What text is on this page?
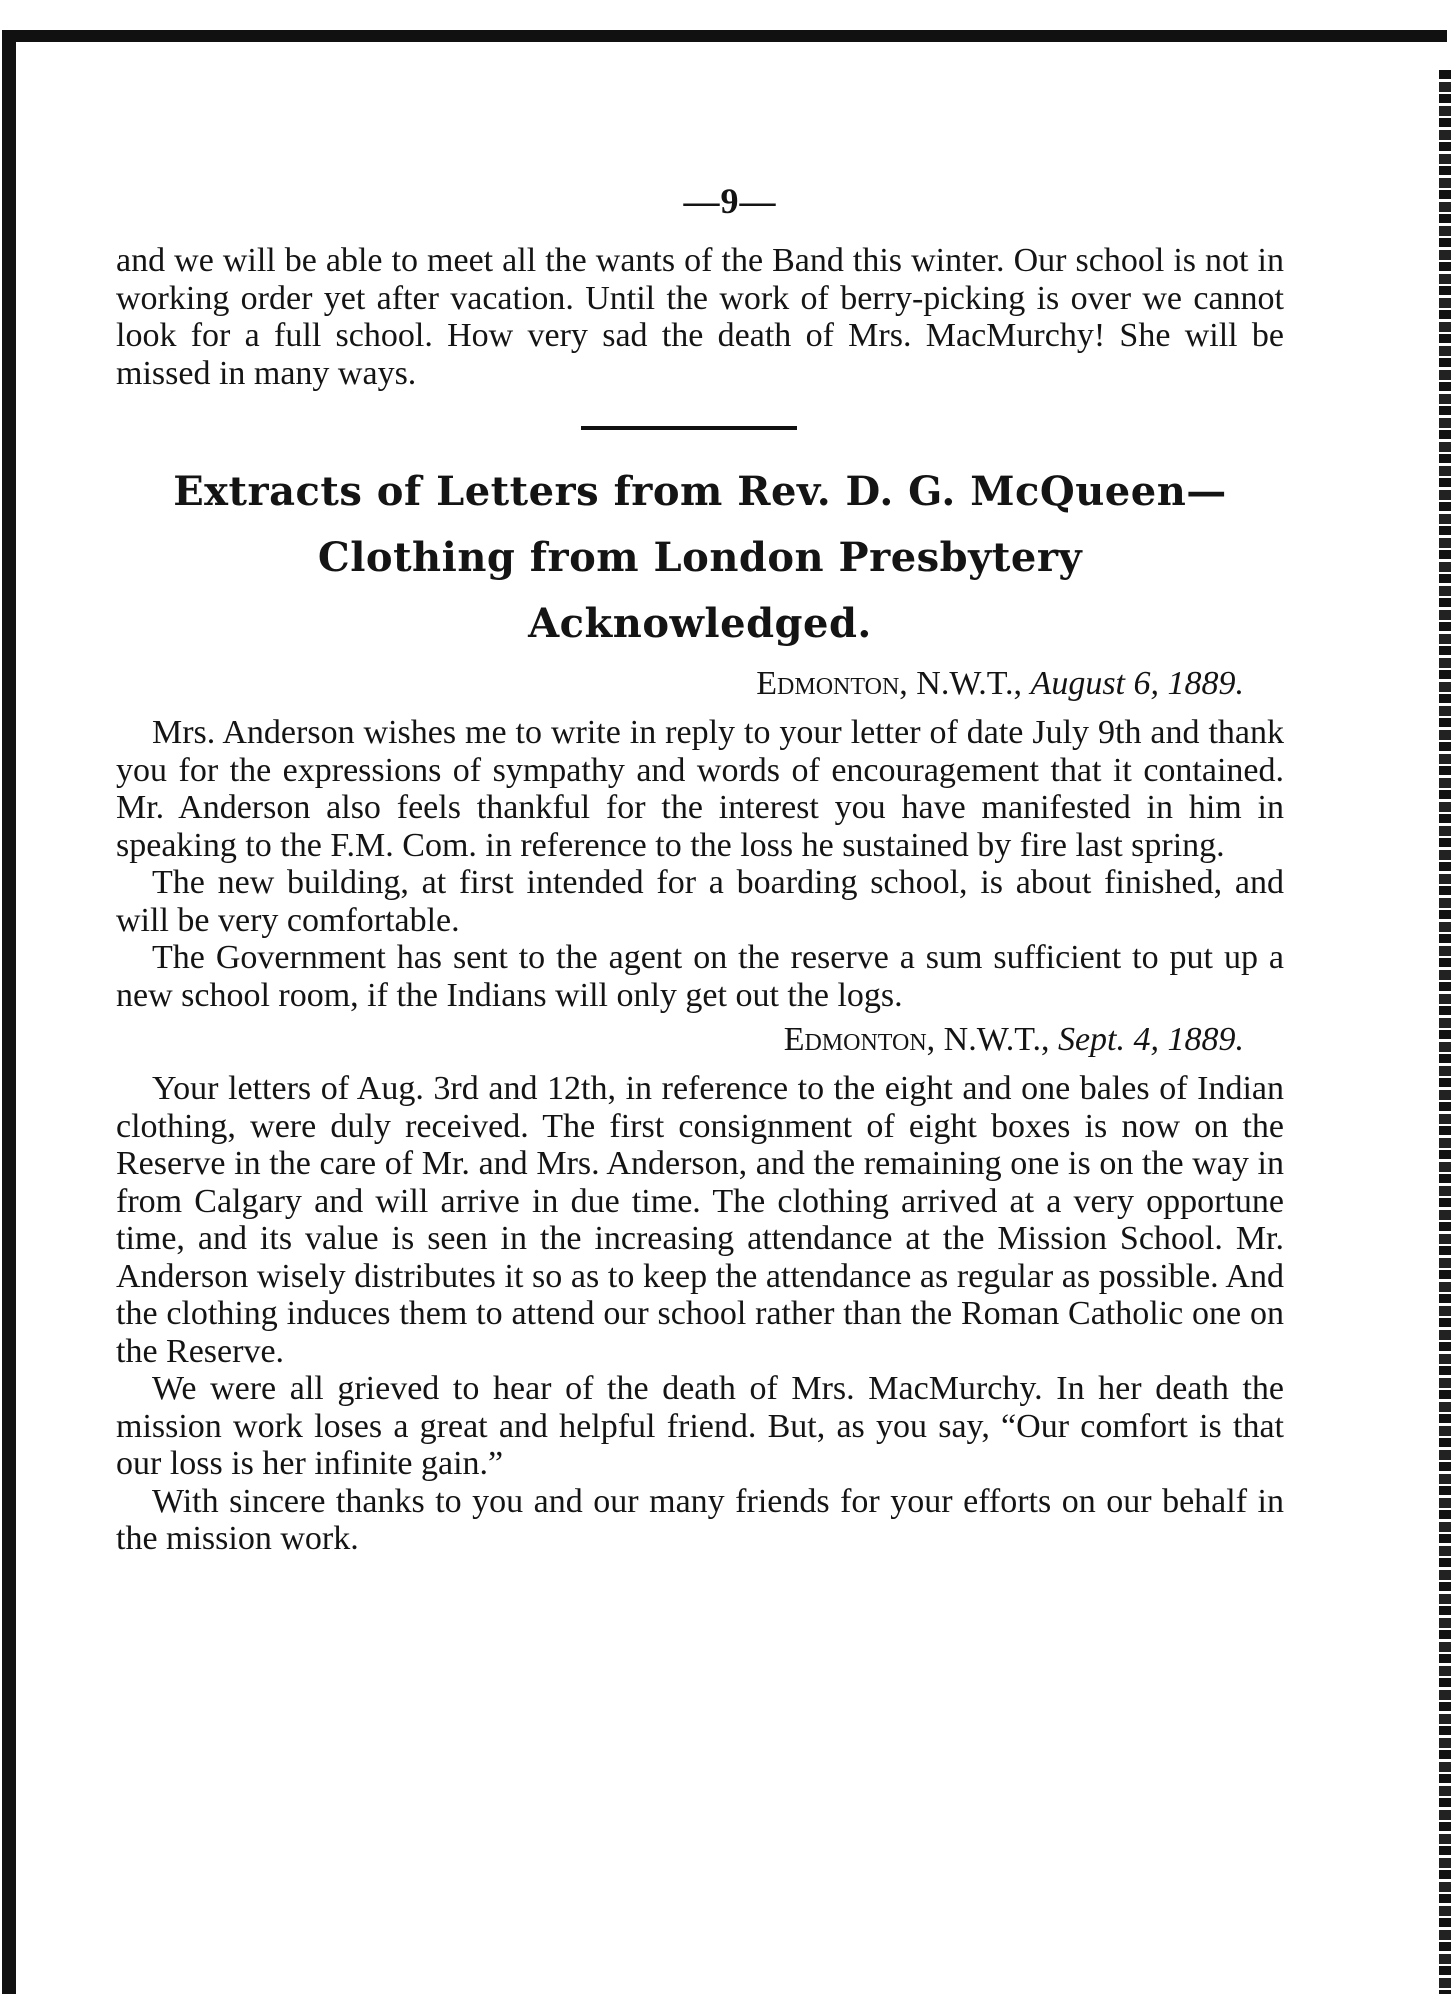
—9—

and we will be able to meet all the wants of the Band this winter. Our school is not in working order yet after vacation. Until the work of berry-picking is over we cannot look for a full school. How very sad the death of Mrs. MacMurchy! She will be missed in many ways.

Extracts of Letters from Rev. D. G. McQueen—
Clothing from London Presbytery
Acknowledged.
Edmonton, N.W.T., August 6, 1889.

Mrs. Anderson wishes me to write in reply to your letter of date July 9th and thank you for the expressions of sympathy and words of encouragement that it contained. Mr. Anderson also feels thankful for the interest you have manifested in him in speaking to the F.M. Com. in reference to the loss he sustained by fire last spring.

The new building, at first intended for a boarding school, is about finished, and will be very comfortable.

The Government has sent to the agent on the reserve a sum sufficient to put up a new school room, if the Indians will only get out the logs.

Edmonton, N.W.T., Sept. 4, 1889.

Your letters of Aug. 3rd and 12th, in reference to the eight and one bales of Indian clothing, were duly received. The first consignment of eight boxes is now on the Reserve in the care of Mr. and Mrs. Anderson, and the remaining one is on the way in from Calgary and will arrive in due time. The clothing arrived at a very opportune time, and its value is seen in the increasing attendance at the Mission School. Mr. Anderson wisely distributes it so as to keep the attendance as regular as possible. And the clothing induces them to attend our school rather than the Roman Catholic one on the Reserve.

We were all grieved to hear of the death of Mrs. MacMurchy. In her death the mission work loses a great and helpful friend. But, as you say, “Our comfort is that our loss is her infinite gain.”

With sincere thanks to you and our many friends for your efforts on our behalf in the mission work.
